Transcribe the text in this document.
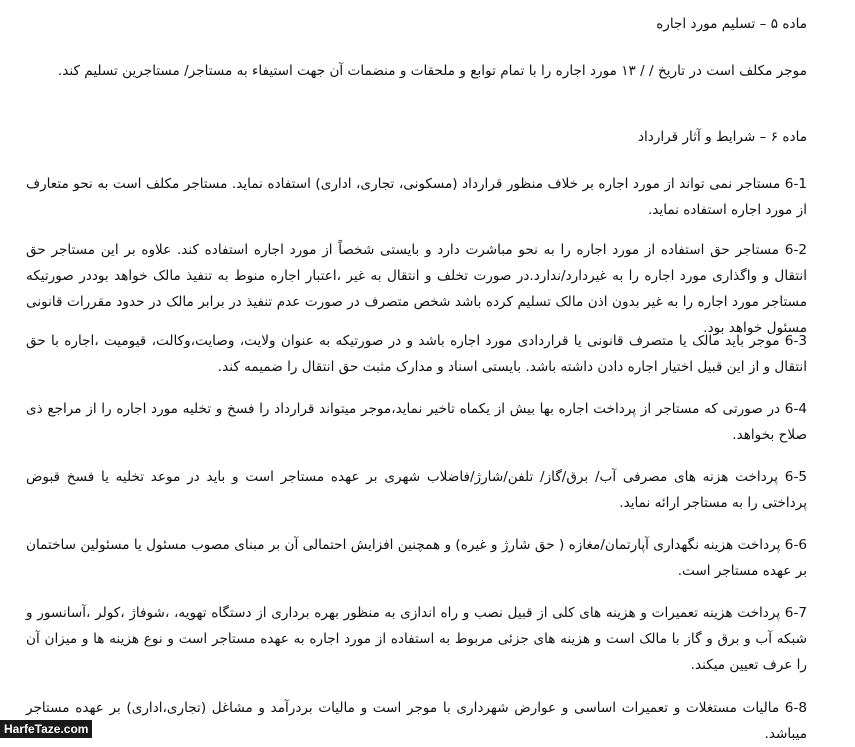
ماده ۵ – تسلیم مورد اجاره

موجر مکلف است در تاریخ / / ۱۳ مورد اجاره را با تمام توابع و ملحقات و منضمات آن جهت استیفاء به مستاجر/ مستاجرین تسلیم کند.

ماده ۶ – شرایط و آثار قرارداد

6-1 مستاجر نمی تواند از مورد اجاره بر خلاف منظور قرارداد (مسکونی، تجاری، اداری) استفاده نماید. مستاجر مکلف است به نحو متعارف از مورد اجاره استفاده نماید.

6-2 مستاجر حق استفاده از مورد اجاره را به نحو مباشرت دارد و بایستی شخصاً از مورد اجاره استفاده کند. علاوه بر این مستاجر حق انتقال و واگذاری مورد اجاره را به غیردارد/ندارد.در صورت تخلف و انتقال به غیر ،اعتبار اجاره منوط به تنفیذ مالک خواهد بوددر صورتیکه مستاجر مورد اجاره را به غیر بدون اذن مالک تسلیم کرده باشد شخص متصرف در صورت عدم تنفیذ در برابر مالک در حدود مقررات قانونی مسئول خواهد بود.

6-3 موجر باید مالک یا متصرف قانونی یا قراردادی مورد اجاره باشد و در صورتیکه به عنوان ولایت، وصایت،وکالت، قیومیت ،اجاره با حق انتقال و از این قبیل اختیار اجاره دادن داشته باشد. بایستی اسناد و مدارک مثبت حق انتقال را ضمیمه کند.

6-4 در صورتی که مستاجر از پرداخت اجاره بها بیش از یکماه تاخیر نماید،موجر میتواند قرارداد را فسخ و تخلیه مورد اجاره را از مراجع ذی صلاح بخواهد.

6-5 پرداخت هزنه های مصرفی آب/ برق/گاز/ تلفن/شارژ/فاضلاب شهری بر عهده مستاجر است و باید در موعد تخلیه یا فسخ قبوض پرداختی را به مستاجر ارائه نماید.

6-6 پرداخت هزینه نگهداری آپارتمان/مغازه ( حق شارژ و غیره) و همچنین افزایش احتمالی آن بر مبنای مصوب مسئول یا مسئولین ساختمان بر عهده مستاجر است.

6-7 پرداخت هزینه تعمیرات و هزینه های کلی از قبیل نصب و راه اندازی به منظور بهره برداری از دستگاه تهویه، ،شوفاژ ،کولر ،آسانسور و شبکه آب و برق و گاز با مالک است و هزینه های جزئی مربوط به استفاده از مورد اجاره به عهده مستاجر است و نوع هزینه ها و میزان آن را عرف تعیین میکند.

6-8 مالیات مستغلات و تعمیرات اساسی و عوارض شهرداری با موجر است و مالیات بردرآمد و مشاغل (تجاری،اداری) بر عهده مستاجر میباشد.

HarfeTaze.com
